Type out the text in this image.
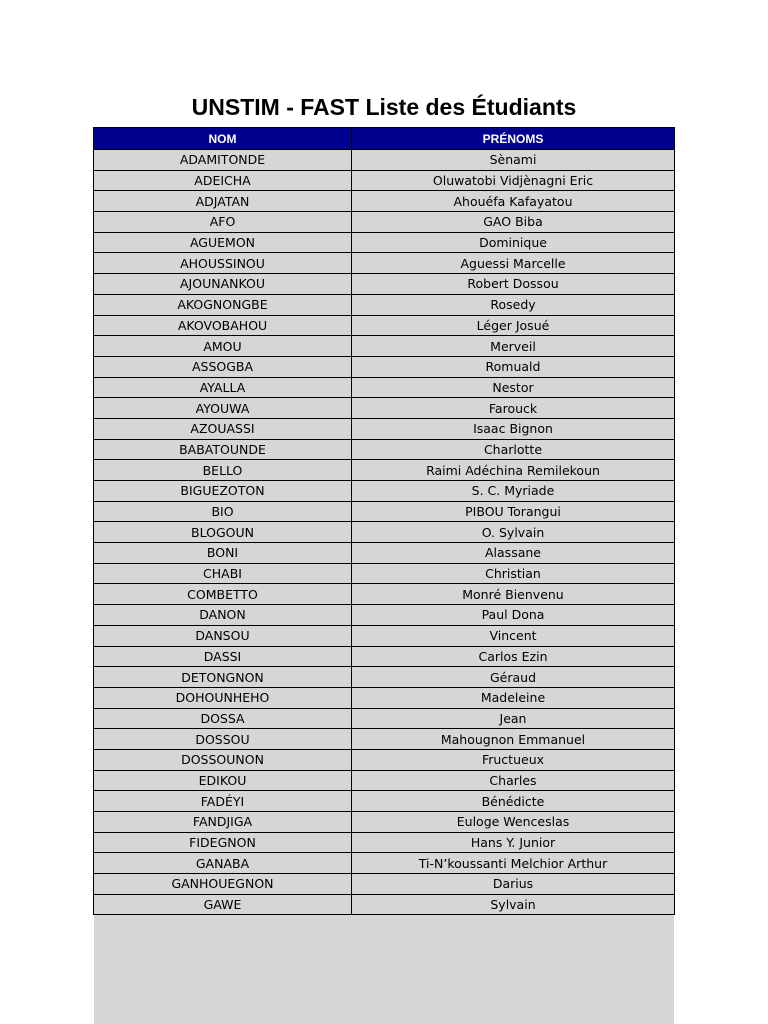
UNSTIM - FAST Liste des Étudiants
NOM	PRÉNOMS
ADAMITONDE	Sènami
ADEICHA	Oluwatobi Vidjènagni Eric
ADJATAN	Ahouéfa Kafayatou
AFO	GAO Biba
AGUEMON	Dominique
AHOUSSINOU	Aguessi Marcelle
AJOUNANKOU	Robert Dossou
AKOGNONGBE	Rosedy
AKOVOBAHOU	Léger Josué
AMOU	Merveil
ASSOGBA	Romuald
AYALLA	Nestor
AYOUWA	Farouck
AZOUASSI	Isaac Bignon
BABATOUNDE	Charlotte
BELLO	Raimi Adéchina Remilekoun
BIGUEZOTON	S. C. Myriade
BIO	PIBOU Torangui
BLOGOUN	O. Sylvain
BONI	Alassane
CHABI	Christian
COMBETTO	Monré Bienvenu
DANON	Paul Dona
DANSOU	Vincent
DASSI	Carlos Ezin
DETONGNON	Géraud
DOHOUNHEHO	Madeleine
DOSSA	Jean
DOSSOU	Mahougnon Emmanuel
DOSSOUNON	Fructueux
EDIKOU	Charles
FADÉYI	Bénédicte
FANDJIGA	Euloge Wenceslas
FIDEGNON	Hans Y. Junior
GANABA	Ti-N’koussanti Melchior Arthur
GANHOUEGNON	Darius
GAWE	Sylvain
